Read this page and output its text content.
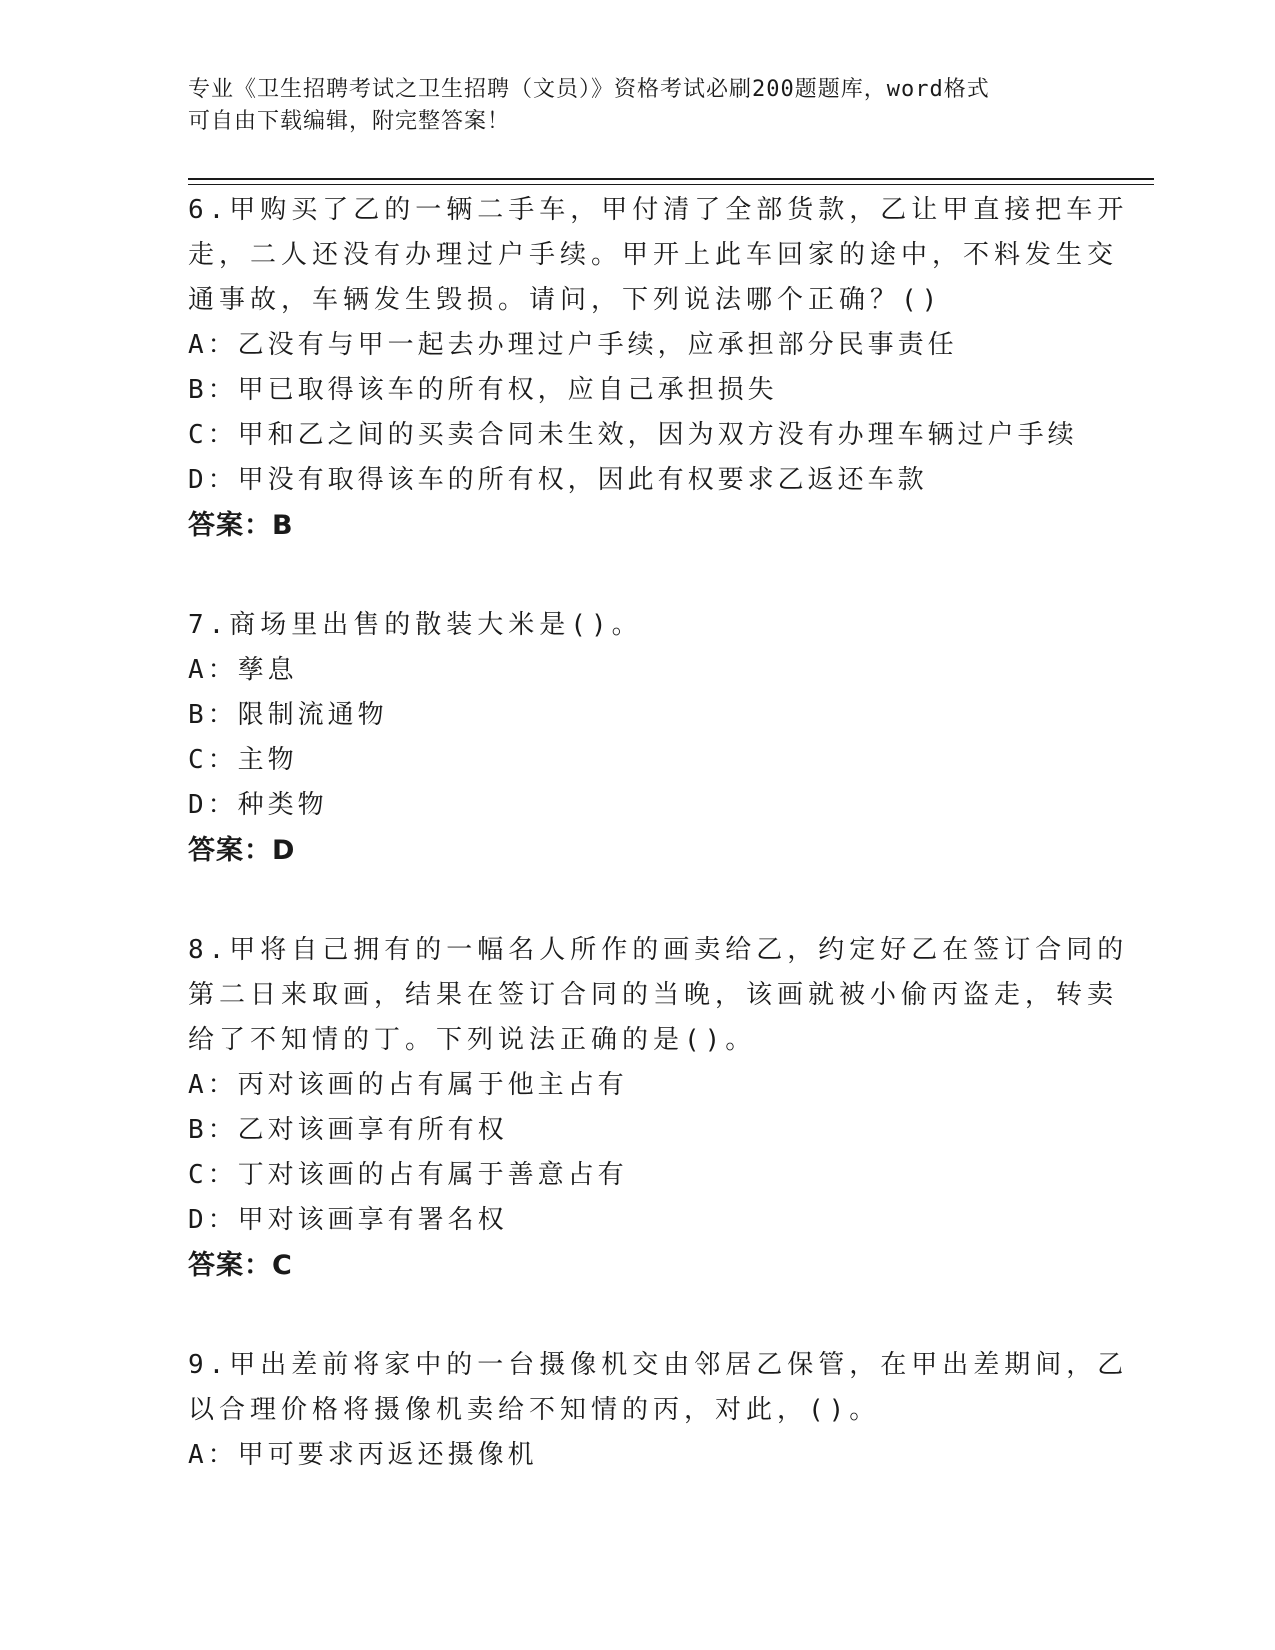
专业《卫生招聘考试之卫生招聘（文员）》资格考试必刷200题题库，word格式
可自由下载编辑，附完整答案！
6.甲购买了乙的一辆二手车，甲付清了全部货款，乙让甲直接把车开
走，二人还没有办理过户手续。甲开上此车回家的途中，不料发生交
通事故，车辆发生毁损。请问，下列说法哪个正确？()
A：乙没有与甲一起去办理过户手续，应承担部分民事责任
B：甲已取得该车的所有权，应自己承担损失
C：甲和乙之间的买卖合同未生效，因为双方没有办理车辆过户手续
D：甲没有取得该车的所有权，因此有权要求乙返还车款
答案：B
7.商场里出售的散装大米是()。
A：孳息
B：限制流通物
C：主物
D：种类物
答案：D
8.甲将自己拥有的一幅名人所作的画卖给乙，约定好乙在签订合同的
第二日来取画，结果在签订合同的当晚，该画就被小偷丙盗走，转卖
给了不知情的丁。下列说法正确的是()。
A：丙对该画的占有属于他主占有
B：乙对该画享有所有权
C：丁对该画的占有属于善意占有
D：甲对该画享有署名权
答案：C
9.甲出差前将家中的一台摄像机交由邻居乙保管，在甲出差期间，乙
以合理价格将摄像机卖给不知情的丙，对此，()。
A：甲可要求丙返还摄像机
